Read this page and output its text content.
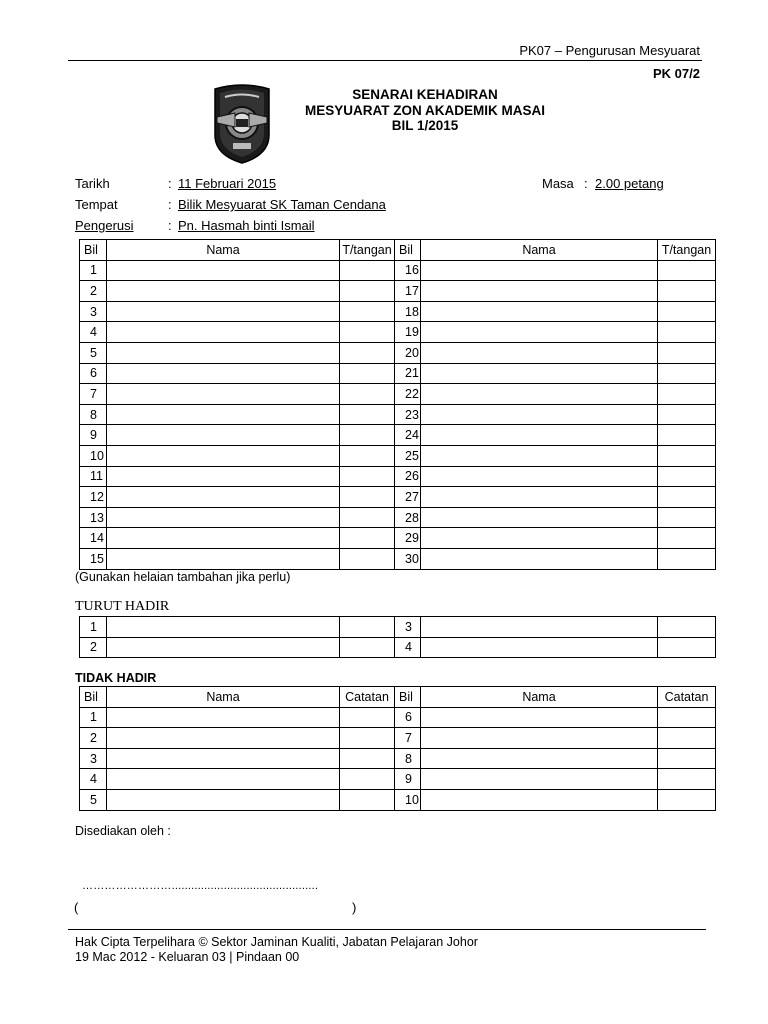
PK07 – Pengurusan Mesyuarat
PK 07/2
SENARAI KEHADIRAN
MESYUARAT ZON AKADEMIK MASAI
BIL 1/2015
Tarikh	: 11 Februari 2015	Masa : 2.00 petang
Tempat	: Bilik Mesyuarat SK Taman Cendana
Pengerusi	: Pn. Hasmah binti Ismail
Bil	Nama	T/tangan	Bil	Nama	T/tangan
1			16		
2			17		
3			18		
4			19		
5			20		
6			21		
7			22		
8			23		
9			24		
10			25		
11			26		
12			27		
13			28		
14			29		
15			30		
(Gunakan helaian tambahan jika perlu)
TURUT HADIR
1			3		
2			4		
TIDAK HADIR
Bil	Nama	Catatan	Bil	Nama	Catatan
1			6		
2			7		
3			8		
4			9		
5			10		
Disediakan oleh :
…………………….............................................
(	)
Hak Cipta Terpelihara © Sektor Jaminan Kualiti, Jabatan Pelajaran Johor
19 Mac 2012 - Keluaran 03 | Pindaan 00
